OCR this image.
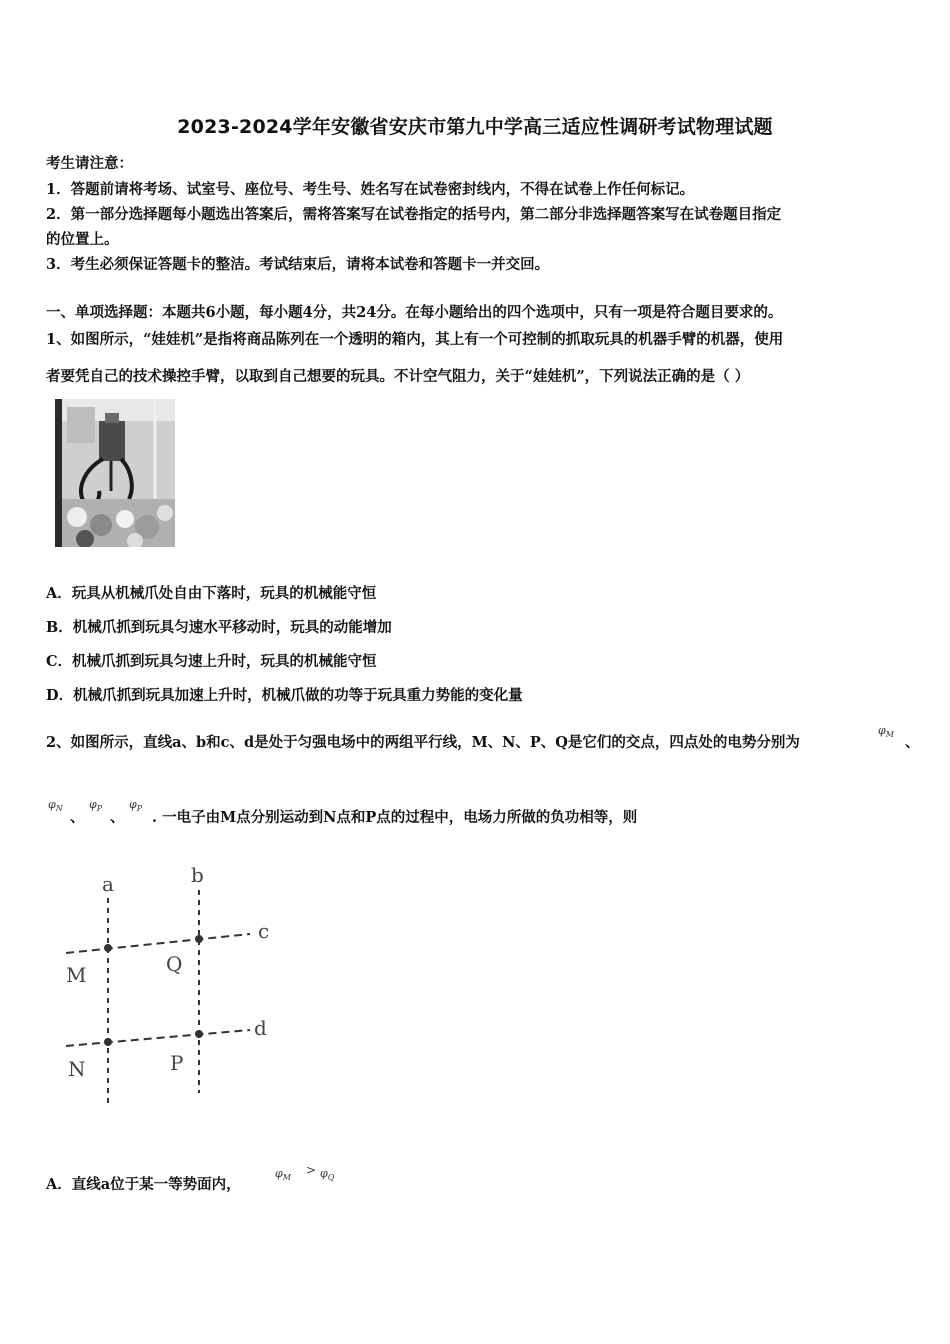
2023-2024学年安徽省安庆市第九中学高三适应性调研考试物理试题
考生请注意：
1．答题前请将考场、试室号、座位号、考生号、姓名写在试卷密封线内，不得在试卷上作任何标记。
2．第一部分选择题每小题选出答案后，需将答案写在试卷指定的括号内，第二部分非选择题答案写在试卷题目指定
的位置上。
3．考生必须保证答题卡的整洁。考试结束后，请将本试卷和答题卡一并交回。
一、单项选择题：本题共6小题，每小题4分，共24分。在每小题给出的四个选项中，只有一项是符合题目要求的。
1、如图所示，“娃娃机”是指将商品陈列在一个透明的箱内，其上有一个可控制的抓取玩具的机器手臂的机器，使用
者要凭自己的技术操控手臂，以取到自己想要的玩具。不计空气阻力，关于“娃娃机”，下列说法正确的是（ ）
A．玩具从机械爪处自由下落时，玩具的机械能守恒
B．机械爪抓到玩具匀速水平移动时，玩具的动能增加
C．机械爪抓到玩具匀速上升时，玩具的机械能守恒
D．机械爪抓到玩具加速上升时，机械爪做的功等于玩具重力势能的变化量
2、如图所示，直线a、b和c、d是处于匀强电场中的两组平行线，M、N、P、Q是它们的交点，四点处的电势分别为
$\varphi_M$ 、
$\varphi_N$
、
$\varphi_P$
、
$\varphi_P$
. 一电子由M点分别运动到N点和P点的过程中，电场力所做的负功相等，则
a	b
c
d
M	Q
N	P
A．直线a位于某一等势面内，
$\varphi_M$
> $\varphi_Q$
